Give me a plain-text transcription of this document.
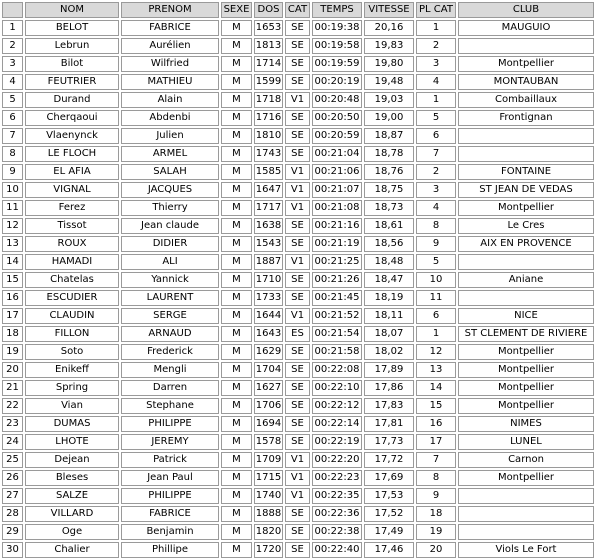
	NOM	PRENOM	SEXE	DOS	CAT	TEMPS	VITESSE	PL CAT	CLUB
1	BELOT	FABRICE	M	1653	SE	00:19:38	20,16	1	MAUGUIO
2	Lebrun	Aurélien	M	1813	SE	00:19:58	19,83	2	
3	Bilot	Wilfried	M	1714	SE	00:19:59	19,80	3	Montpellier
4	FEUTRIER	MATHIEU	M	1599	SE	00:20:19	19,48	4	MONTAUBAN
5	Durand	Alain	M	1718	V1	00:20:48	19,03	1	Combaillaux
6	Cherqaoui	Abdenbi	M	1716	SE	00:20:50	19,00	5	Frontignan
7	Vlaenynck	Julien	M	1810	SE	00:20:59	18,87	6	
8	LE FLOCH	ARMEL	M	1743	SE	00:21:04	18,78	7	
9	EL AFIA	SALAH	M	1585	V1	00:21:06	18,76	2	FONTAINE
10	VIGNAL	JACQUES	M	1647	V1	00:21:07	18,75	3	ST JEAN DE VEDAS
11	Ferez	Thierry	M	1717	V1	00:21:08	18,73	4	Montpellier
12	Tissot	Jean claude	M	1638	SE	00:21:16	18,61	8	Le Cres
13	ROUX	DIDIER	M	1543	SE	00:21:19	18,56	9	AIX EN PROVENCE
14	HAMADI	ALI	M	1887	V1	00:21:25	18,48	5	
15	Chatelas	Yannick	M	1710	SE	00:21:26	18,47	10	Aniane
16	ESCUDIER	LAURENT	M	1733	SE	00:21:45	18,19	11	
17	CLAUDIN	SERGE	M	1644	V1	00:21:52	18,11	6	NICE
18	FILLON	ARNAUD	M	1643	ES	00:21:54	18,07	1	ST CLEMENT DE RIVIERE
19	Soto	Frederick	M	1629	SE	00:21:58	18,02	12	Montpellier
20	Enikeff	Mengli	M	1704	SE	00:22:08	17,89	13	Montpellier
21	Spring	Darren	M	1627	SE	00:22:10	17,86	14	Montpellier
22	Vian	Stephane	M	1706	SE	00:22:12	17,83	15	Montpellier
23	DUMAS	PHILIPPE	M	1694	SE	00:22:14	17,81	16	NIMES
24	LHOTE	JEREMY	M	1578	SE	00:22:19	17,73	17	LUNEL
25	Dejean	Patrick	M	1709	V1	00:22:20	17,72	7	Carnon
26	Bleses	Jean Paul	M	1715	V1	00:22:23	17,69	8	Montpellier
27	SALZE	PHILIPPE	M	1740	V1	00:22:35	17,53	9	
28	VILLARD	FABRICE	M	1888	SE	00:22:36	17,52	18	
29	Oge	Benjamin	M	1820	SE	00:22:38	17,49	19	
30	Chalier	Phillipe	M	1720	SE	00:22:40	17,46	20	Viols Le Fort
